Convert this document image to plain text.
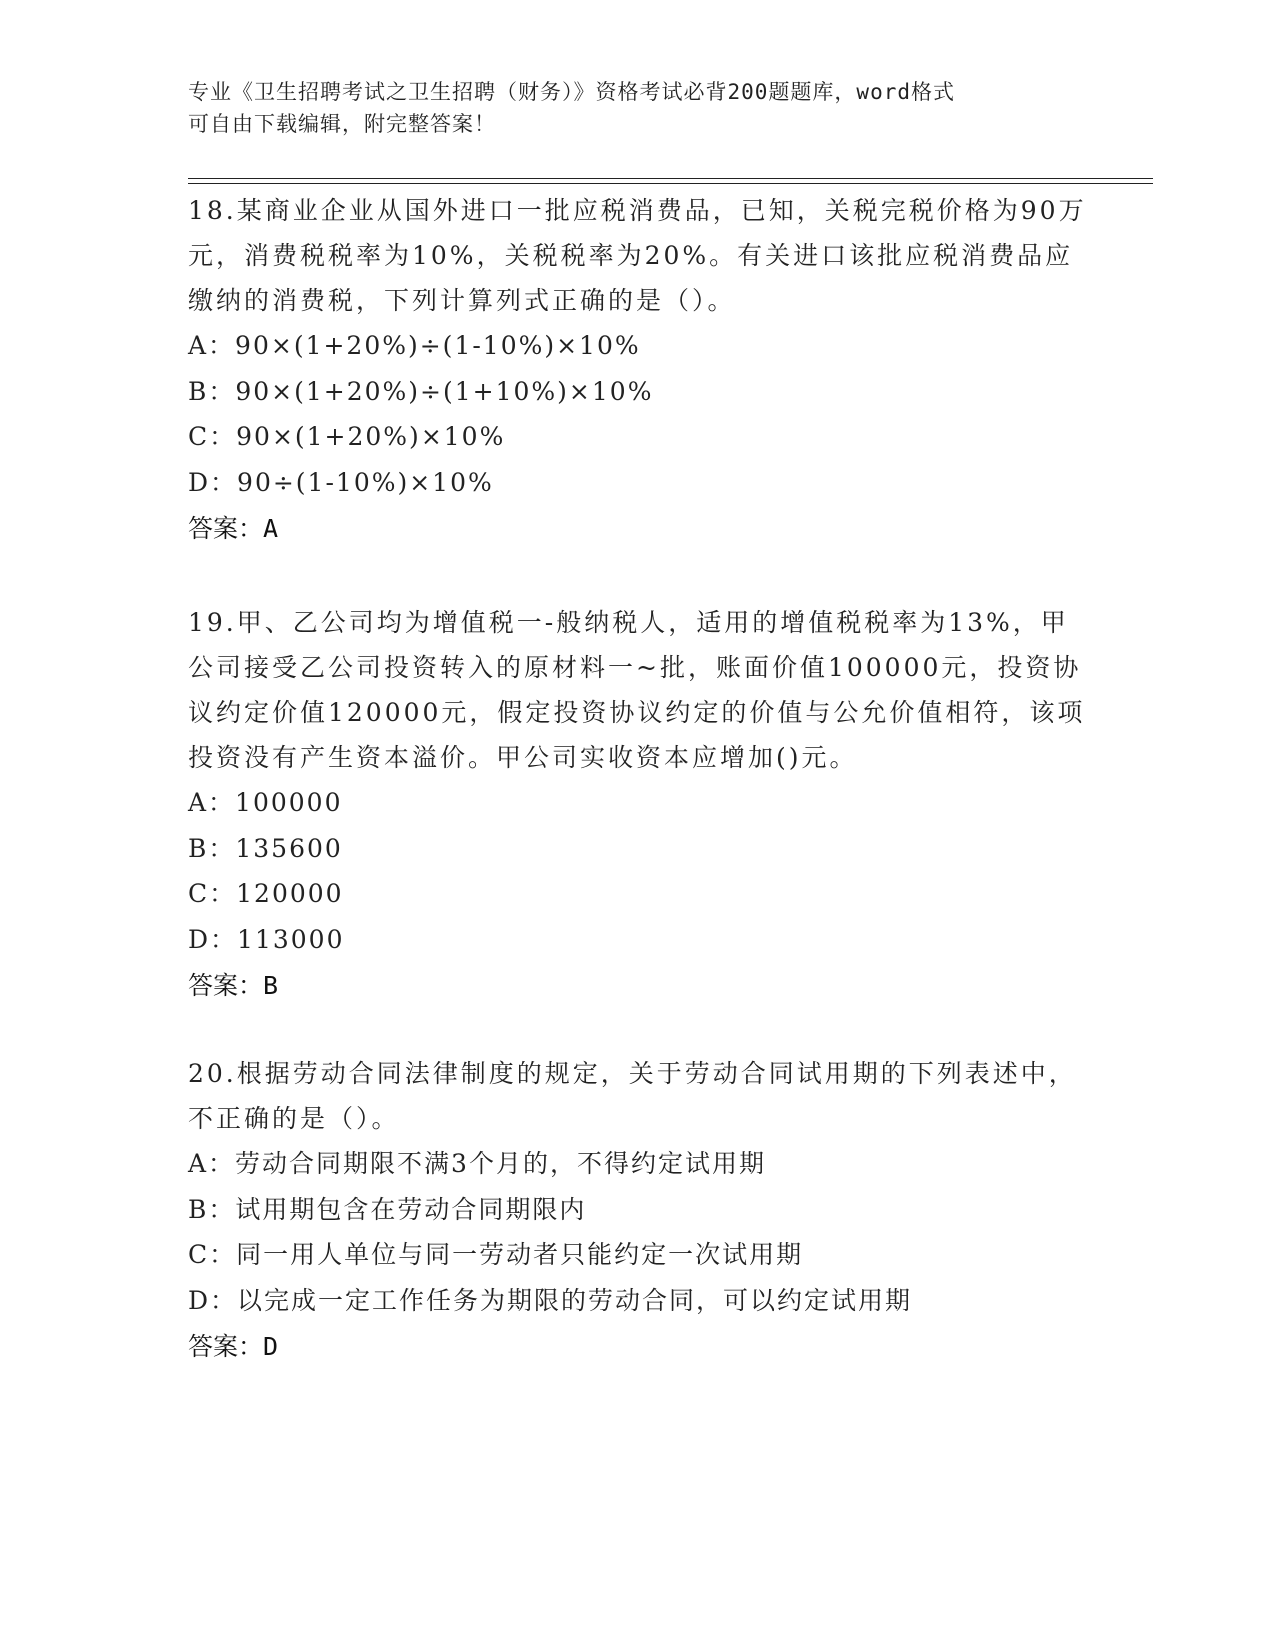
专业《卫生招聘考试之卫生招聘（财务）》资格考试必背200题题库，word格式
可自由下载编辑，附完整答案！

18.某商业企业从国外进口一批应税消费品，已知，关税完税价格为90万元，消费税税率为10%，关税税率为20%。有关进口该批应税消费品应缴纳的消费税，下列计算列式正确的是（）。

A：90×(1+20%)÷(1-10%)×10%

B：90×(1+20%)÷(1+10%)×10%

C：90×(1+20%)×10%

D：90÷(1-10%)×10%

答案：A

19.甲、乙公司均为增值税一-般纳税人，适用的增值税税率为13%，甲公司接受乙公司投资转入的原材料一~批，账面价值100000元，投资协议约定价值120000元，假定投资协议约定的价值与公允价值相符，该项投资没有产生资本溢价。甲公司实收资本应增加()元。

A：100000

B：135600

C：120000

D：113000

答案：B

20.根据劳动合同法律制度的规定，关于劳动合同试用期的下列表述中，不正确的是（）。

A：劳动合同期限不满3个月的，不得约定试用期

B：试用期包含在劳动合同期限内

C：同一用人单位与同一劳动者只能约定一次试用期

D：以完成一定工作任务为期限的劳动合同，可以约定试用期

答案：D
